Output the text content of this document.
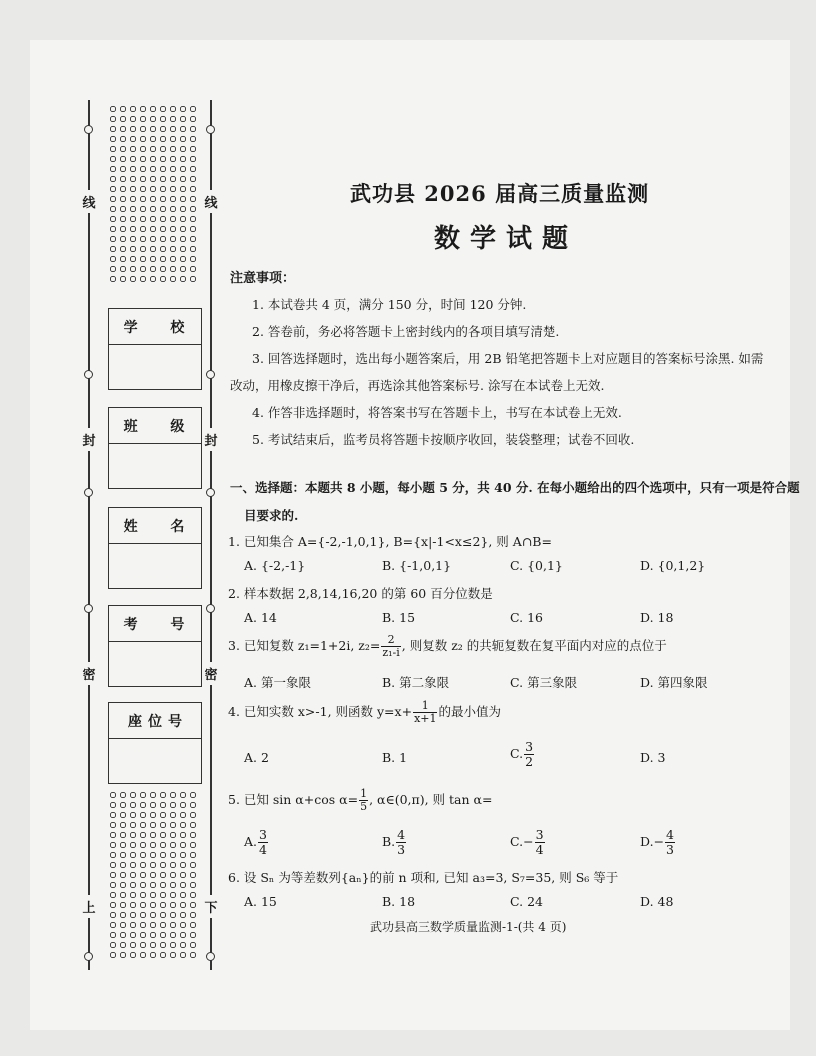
线	线
封	封
密	密
上	下
学 校
班 级
姓 名
考 号
座位号
武功县 2026 届高三质量监测
数学试题
注意事项：
1. 本试卷共 4 页，满分 150 分，时间 120 分钟.
2. 答卷前，务必将答题卡上密封线内的各项目填写清楚.
3. 回答选择题时，选出每小题答案后，用 2B 铅笔把答题卡上对应题目的答案标号涂黑. 如需
改动，用橡皮擦干净后，再选涂其他答案标号. 涂写在本试卷上无效.
4. 作答非选择题时，将答案书写在答题卡上，书写在本试卷上无效.
5. 考试结束后，监考员将答题卡按顺序收回，装袋整理；试卷不回收.
一、选择题：本题共 8 小题，每小题 5 分，共 40 分. 在每小题给出的四个选项中，只有一项是符合题
目要求的.
1. 已知集合 A={-2,-1,0,1}, B={x|-1<x≤2}, 则 A∩B=
A. {-2,-1}	B. {-1,0,1}	C. {0,1}	D. {0,1,2}
2. 样本数据 2,8,14,16,20 的第 60 百分位数是
A. 14	B. 15	C. 16	D. 18
3. 已知复数 z₁=1+2i, $z_2= \frac{2}{\text{z₁-i}}$ , 则复数 z₂ 的共轭复数在复平面内对应的点位于
A. 第一象限	B. 第二象限	C. 第三象限	D. 第四象限
4. 已知实数 x>-1, 则函数 $y=x+ \frac{1}{x+1}$ 的最小值为
A. 2	B. 1	C. $\frac{3}{2}$	D. 3
5. 已知 sin α+cos $\alpha= \frac{1}{5}$ , α∈(0,π), 则 tan α=
A. $\frac{3}{4}$	B. $\frac{4}{3}$	$C.- \frac{3}{4}$	$D.- \frac{4}{3}$
6. 设 Sₙ 为等差数列{aₙ}的前 n 项和, 已知 a₃=3, S₇=35, 则 S₆ 等于
A. 15	B. 18	C. 24	D. 48
武功县高三数学质量监测-1-(共 4 页)
